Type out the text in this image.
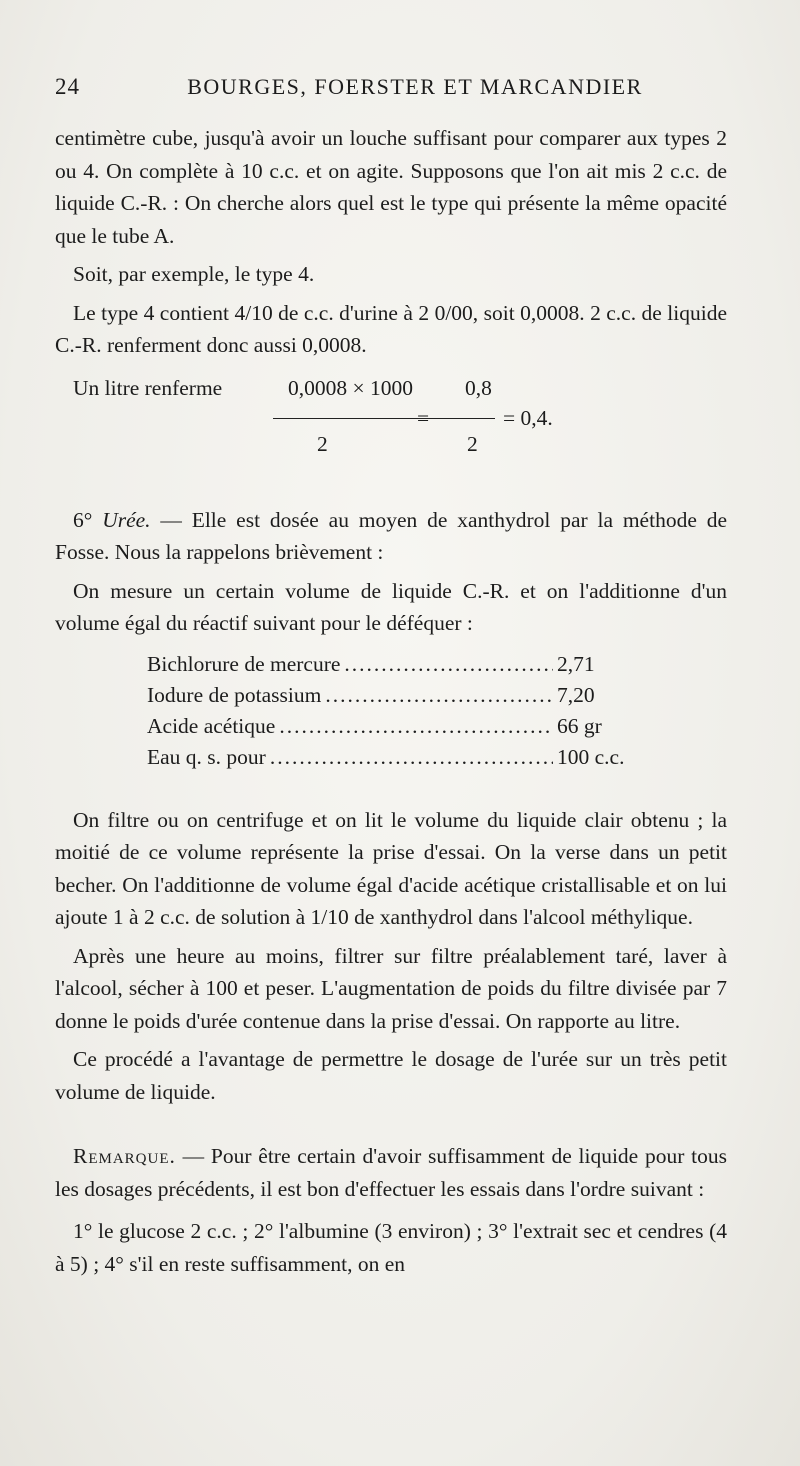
24	BOURGES, FOERSTER ET MARCANDIER

centimètre cube, jusqu'à avoir un louche suffisant pour comparer aux types 2 ou 4. On complète à 10 c.c. et on agite. Supposons que l'on ait mis 2 c.c. de liquide C.-R. : On cherche alors quel est le type qui présente la même opacité que le tube A.

Soit, par exemple, le type 4.

Le type 4 contient 4/10 de c.c. d'urine à 2 0/00, soit 0,0008. 2 c.c. de liquide C.-R. renferment donc aussi 0,0008.

Un litre renferme	0,0008 × 1000
2
=
0,8
2
= 0,4.

6° Urée. — Elle est dosée au moyen de xanthydrol par la méthode de Fosse. Nous la rappelons brièvement :

On mesure un certain volume de liquide C.-R. et on l'additionne d'un volume égal du réactif suivant pour le déféquer :

Bichlorure de mercure .....	2,71
Iodure de potassium .....	7,20
Acide acétique .....	66 gr
Eau q. s. pour .....	100 c.c.

On filtre ou on centrifuge et on lit le volume du liquide clair obtenu ; la moitié de ce volume représente la prise d'essai. On la verse dans un petit becher. On l'additionne de volume égal d'acide acétique cristallisable et on lui ajoute 1 à 2 c.c. de solution à 1/10 de xanthydrol dans l'alcool méthylique.

Après une heure au moins, filtrer sur filtre préalablement taré, laver à l'alcool, sécher à 100 et peser. L'augmentation de poids du filtre divisée par 7 donne le poids d'urée contenue dans la prise d'essai. On rapporte au litre.

Ce procédé a l'avantage de permettre le dosage de l'urée sur un très petit volume de liquide.

Remarque. — Pour être certain d'avoir suffisamment de liquide pour tous les dosages précédents, il est bon d'effectuer les essais dans l'ordre suivant :

1° le glucose 2 c.c. ; 2° l'albumine (3 environ) ; 3° l'extrait sec et cendres (4 à 5) ; 4° s'il en reste suffisamment, on en
